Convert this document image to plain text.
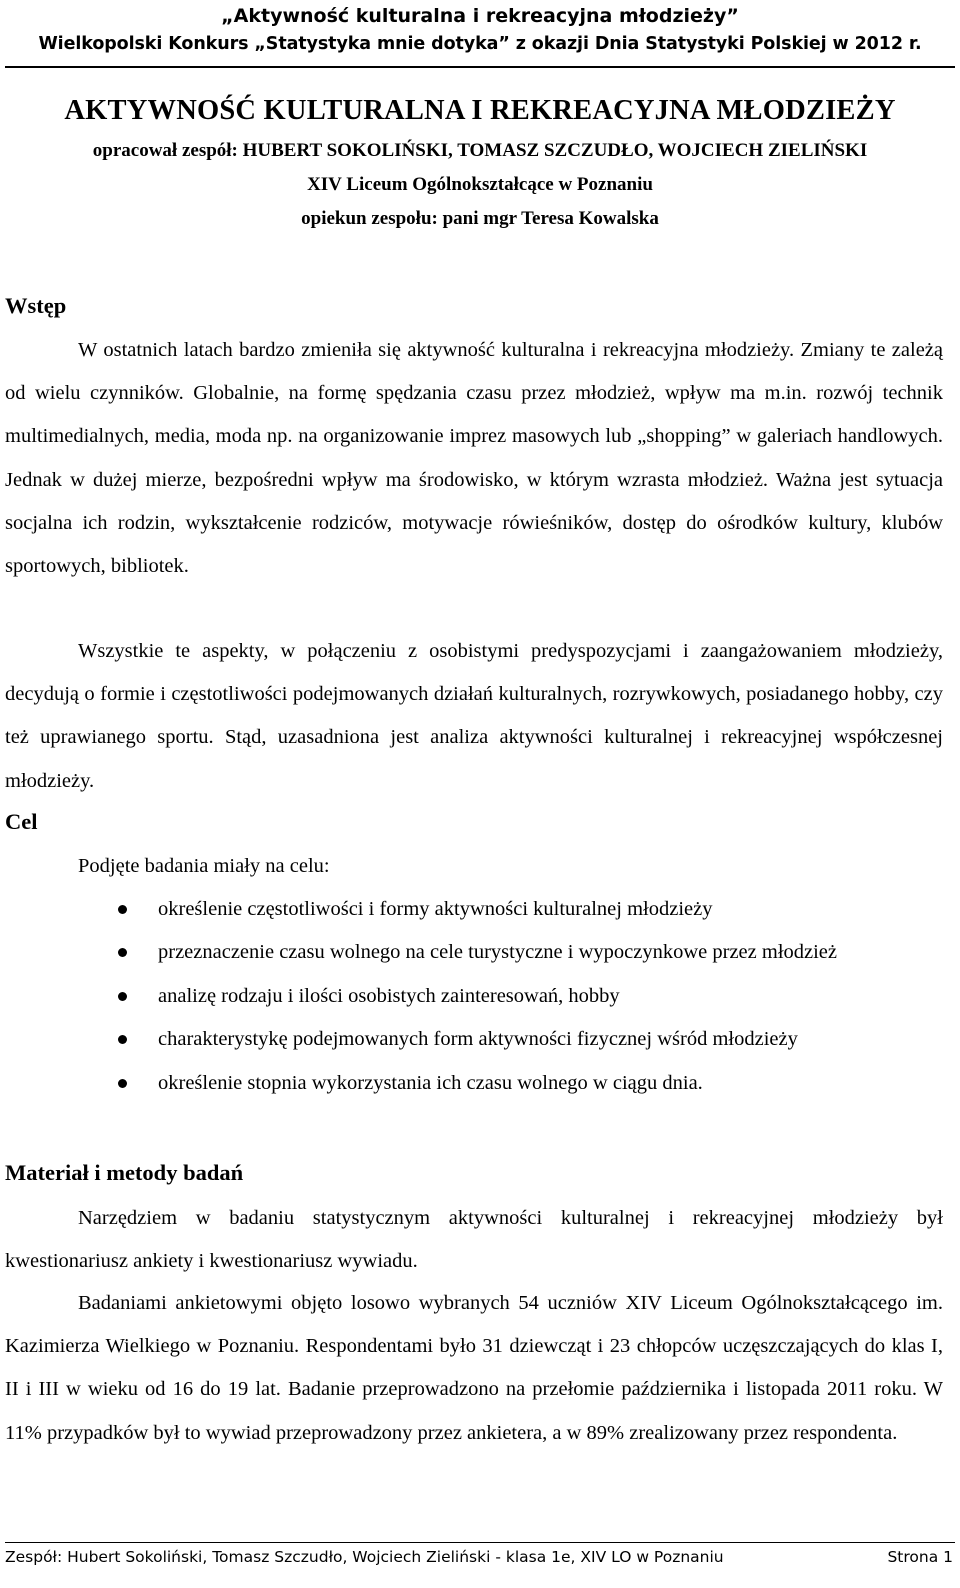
„Aktywność kulturalna i rekreacyjna młodzieży”
Wielkopolski Konkurs „Statystyka mnie dotyka” z okazji Dnia Statystyki Polskiej w 2012 r.
AKTYWNOŚĆ KULTURALNA I REKREACYJNA MŁODZIEŻY
opracował zespół: HUBERT SOKOLIŃSKI, TOMASZ SZCZUDŁO, WOJCIECH ZIELIŃSKI
XIV Liceum Ogólnokształcące w Poznaniu
opiekun zespołu: pani mgr Teresa Kowalska
Wstęp
W ostatnich latach bardzo zmieniła się aktywność kulturalna i rekreacyjna młodzieży. Zmiany te zależą od wielu czynników. Globalnie, na formę spędzania czasu przez młodzież, wpływ ma m.in. rozwój technik multimedialnych, media, moda np. na organizowanie imprez masowych lub „shopping” w galeriach handlowych. Jednak w dużej mierze, bezpośredni wpływ ma środowisko, w którym wzrasta młodzież. Ważna jest sytuacja socjalna ich rodzin, wykształcenie rodziców, motywacje rówieśników, dostęp do ośrodków kultury, klubów sportowych, bibliotek.
Wszystkie te aspekty, w połączeniu z osobistymi predyspozycjami i zaangażowaniem młodzieży, decydują o formie i częstotliwości podejmowanych działań kulturalnych, rozrywkowych, posiadanego hobby, czy też uprawianego sportu. Stąd, uzasadniona jest analiza aktywności kulturalnej i rekreacyjnej współczesnej młodzieży.
Cel
Podjęte badania miały na celu:
określenie częstotliwości i formy aktywności kulturalnej młodzieży
przeznaczenie czasu wolnego na cele turystyczne i wypoczynkowe przez młodzież
analizę rodzaju i ilości osobistych zainteresowań, hobby
charakterystykę podejmowanych form aktywności fizycznej wśród młodzieży
określenie stopnia wykorzystania ich czasu wolnego w ciągu dnia.
Materiał i metody badań
Narzędziem w badaniu statystycznym aktywności kulturalnej i rekreacyjnej młodzieży był kwestionariusz ankiety i kwestionariusz wywiadu.
Badaniami ankietowymi objęto losowo wybranych 54 uczniów XIV Liceum Ogólnokształcącego im. Kazimierza Wielkiego w Poznaniu. Respondentami było 31 dziewcząt i 23 chłopców uczęszczających do klas I, II i III w wieku od 16 do 19 lat. Badanie przeprowadzono na przełomie października i listopada 2011 roku. W 11% przypadków był to wywiad przeprowadzony przez ankietera, a w 89% zrealizowany przez respondenta.
Zespół: Hubert Sokoliński, Tomasz Szczudło, Wojciech Zieliński - klasa 1e, XIV LO w Poznaniu	Strona 1
